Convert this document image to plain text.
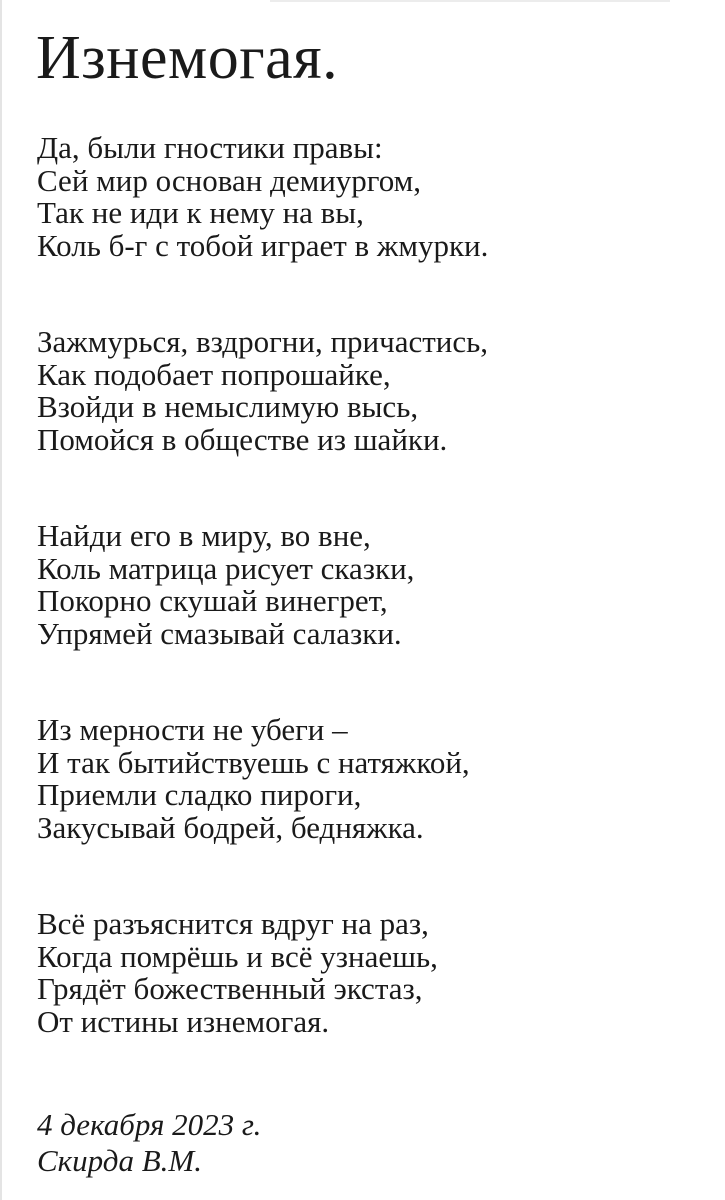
Изнемогая.
Да, были гностики правы:
Сей мир основан демиургом,
Так не иди к нему на вы,
Коль б-г с тобой играет в жмурки.
Зажмурься, вздрогни, причастись,
Как подобает попрошайке,
Взойди в немыслимую высь,
Помойся в обществе из шайки.
Найди его в миру, во вне,
Коль матрица рисует сказки,
Покорно скушай винегрет,
Упрямей смазывай салазки.
Из мерности не убеги –
И так бытийствуешь с натяжкой,
Приемли сладко пироги,
Закусывай бодрей, бедняжка.
Всё разъяснится вдруг на раз,
Когда помрёшь и всё узнаешь,
Грядёт божественный экстаз,
От истины изнемогая.
4 декабря 2023 г.
Скирда В.М.
